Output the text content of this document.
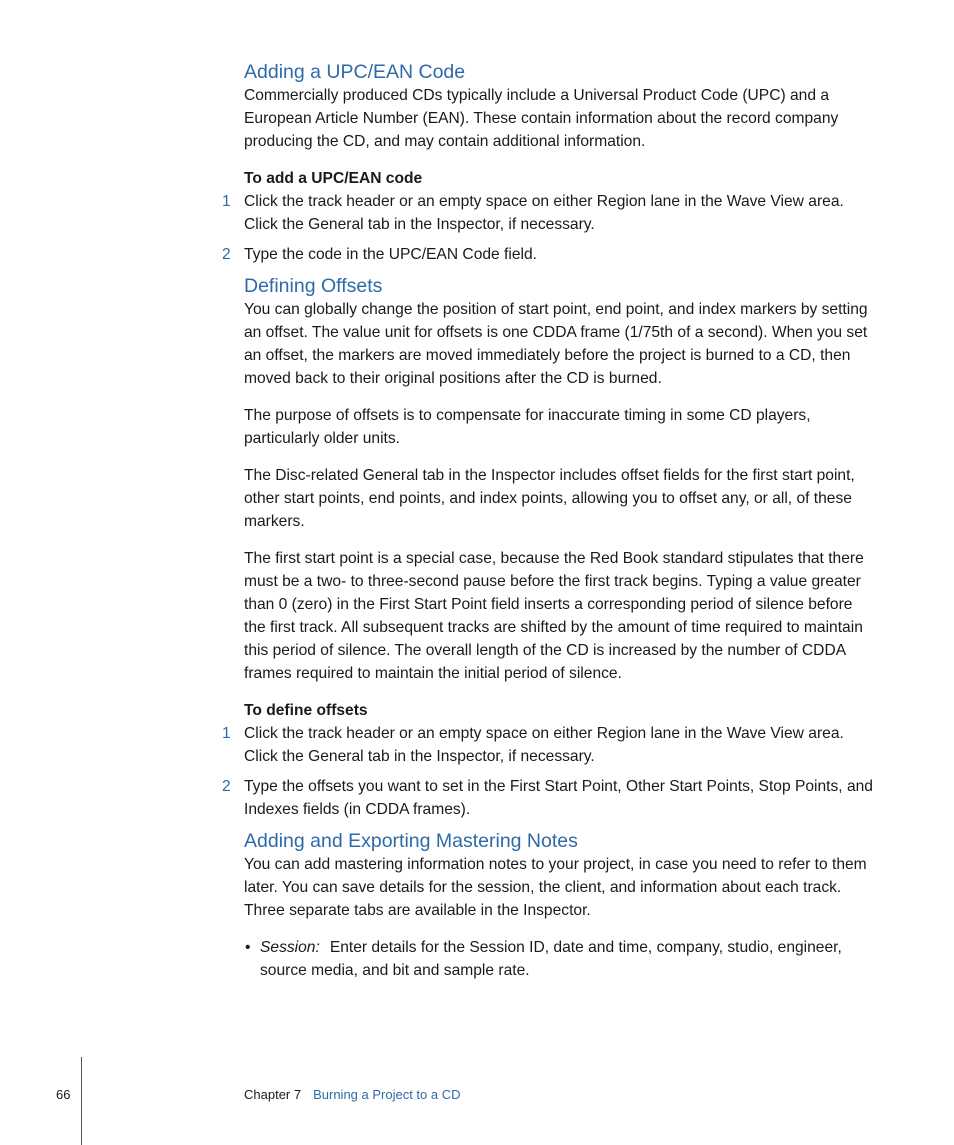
Adding a UPC/EAN Code

Commercially produced CDs typically include a Universal Product Code (UPC) and a European Article Number (EAN). These contain information about the record company producing the CD, and may contain additional information.

To add a UPC/EAN code

1 Click the track header or an empty space on either Region lane in the Wave View area. Click the General tab in the Inspector, if necessary.
2 Type the code in the UPC/EAN Code field.
Defining Offsets

You can globally change the position of start point, end point, and index markers by setting an offset. The value unit for offsets is one CDDA frame (1/75th of a second). When you set an offset, the markers are moved immediately before the project is burned to a CD, then moved back to their original positions after the CD is burned.

The purpose of offsets is to compensate for inaccurate timing in some CD players, particularly older units.

The Disc-related General tab in the Inspector includes offset fields for the first start point, other start points, end points, and index points, allowing you to offset any, or all, of these markers.

The first start point is a special case, because the Red Book standard stipulates that there must be a two- to three-second pause before the first track begins. Typing a value greater than 0 (zero) in the First Start Point field inserts a corresponding period of silence before the first track. All subsequent tracks are shifted by the amount of time required to maintain this period of silence. The overall length of the CD is increased by the number of CDDA frames required to maintain the initial period of silence.

To define offsets

1 Click the track header or an empty space on either Region lane in the Wave View area. Click the General tab in the Inspector, if necessary.
2 Type the offsets you want to set in the First Start Point, Other Start Points, Stop Points, and Indexes fields (in CDDA frames).
Adding and Exporting Mastering Notes

You can add mastering information notes to your project, in case you need to refer to them later. You can save details for the session, the client, and information about each track. Three separate tabs are available in the Inspector.

• Session: Enter details for the Session ID, date and time, company, studio, engineer, source media, and bit and sample rate.
66	Chapter 7 Burning a Project to a CD
